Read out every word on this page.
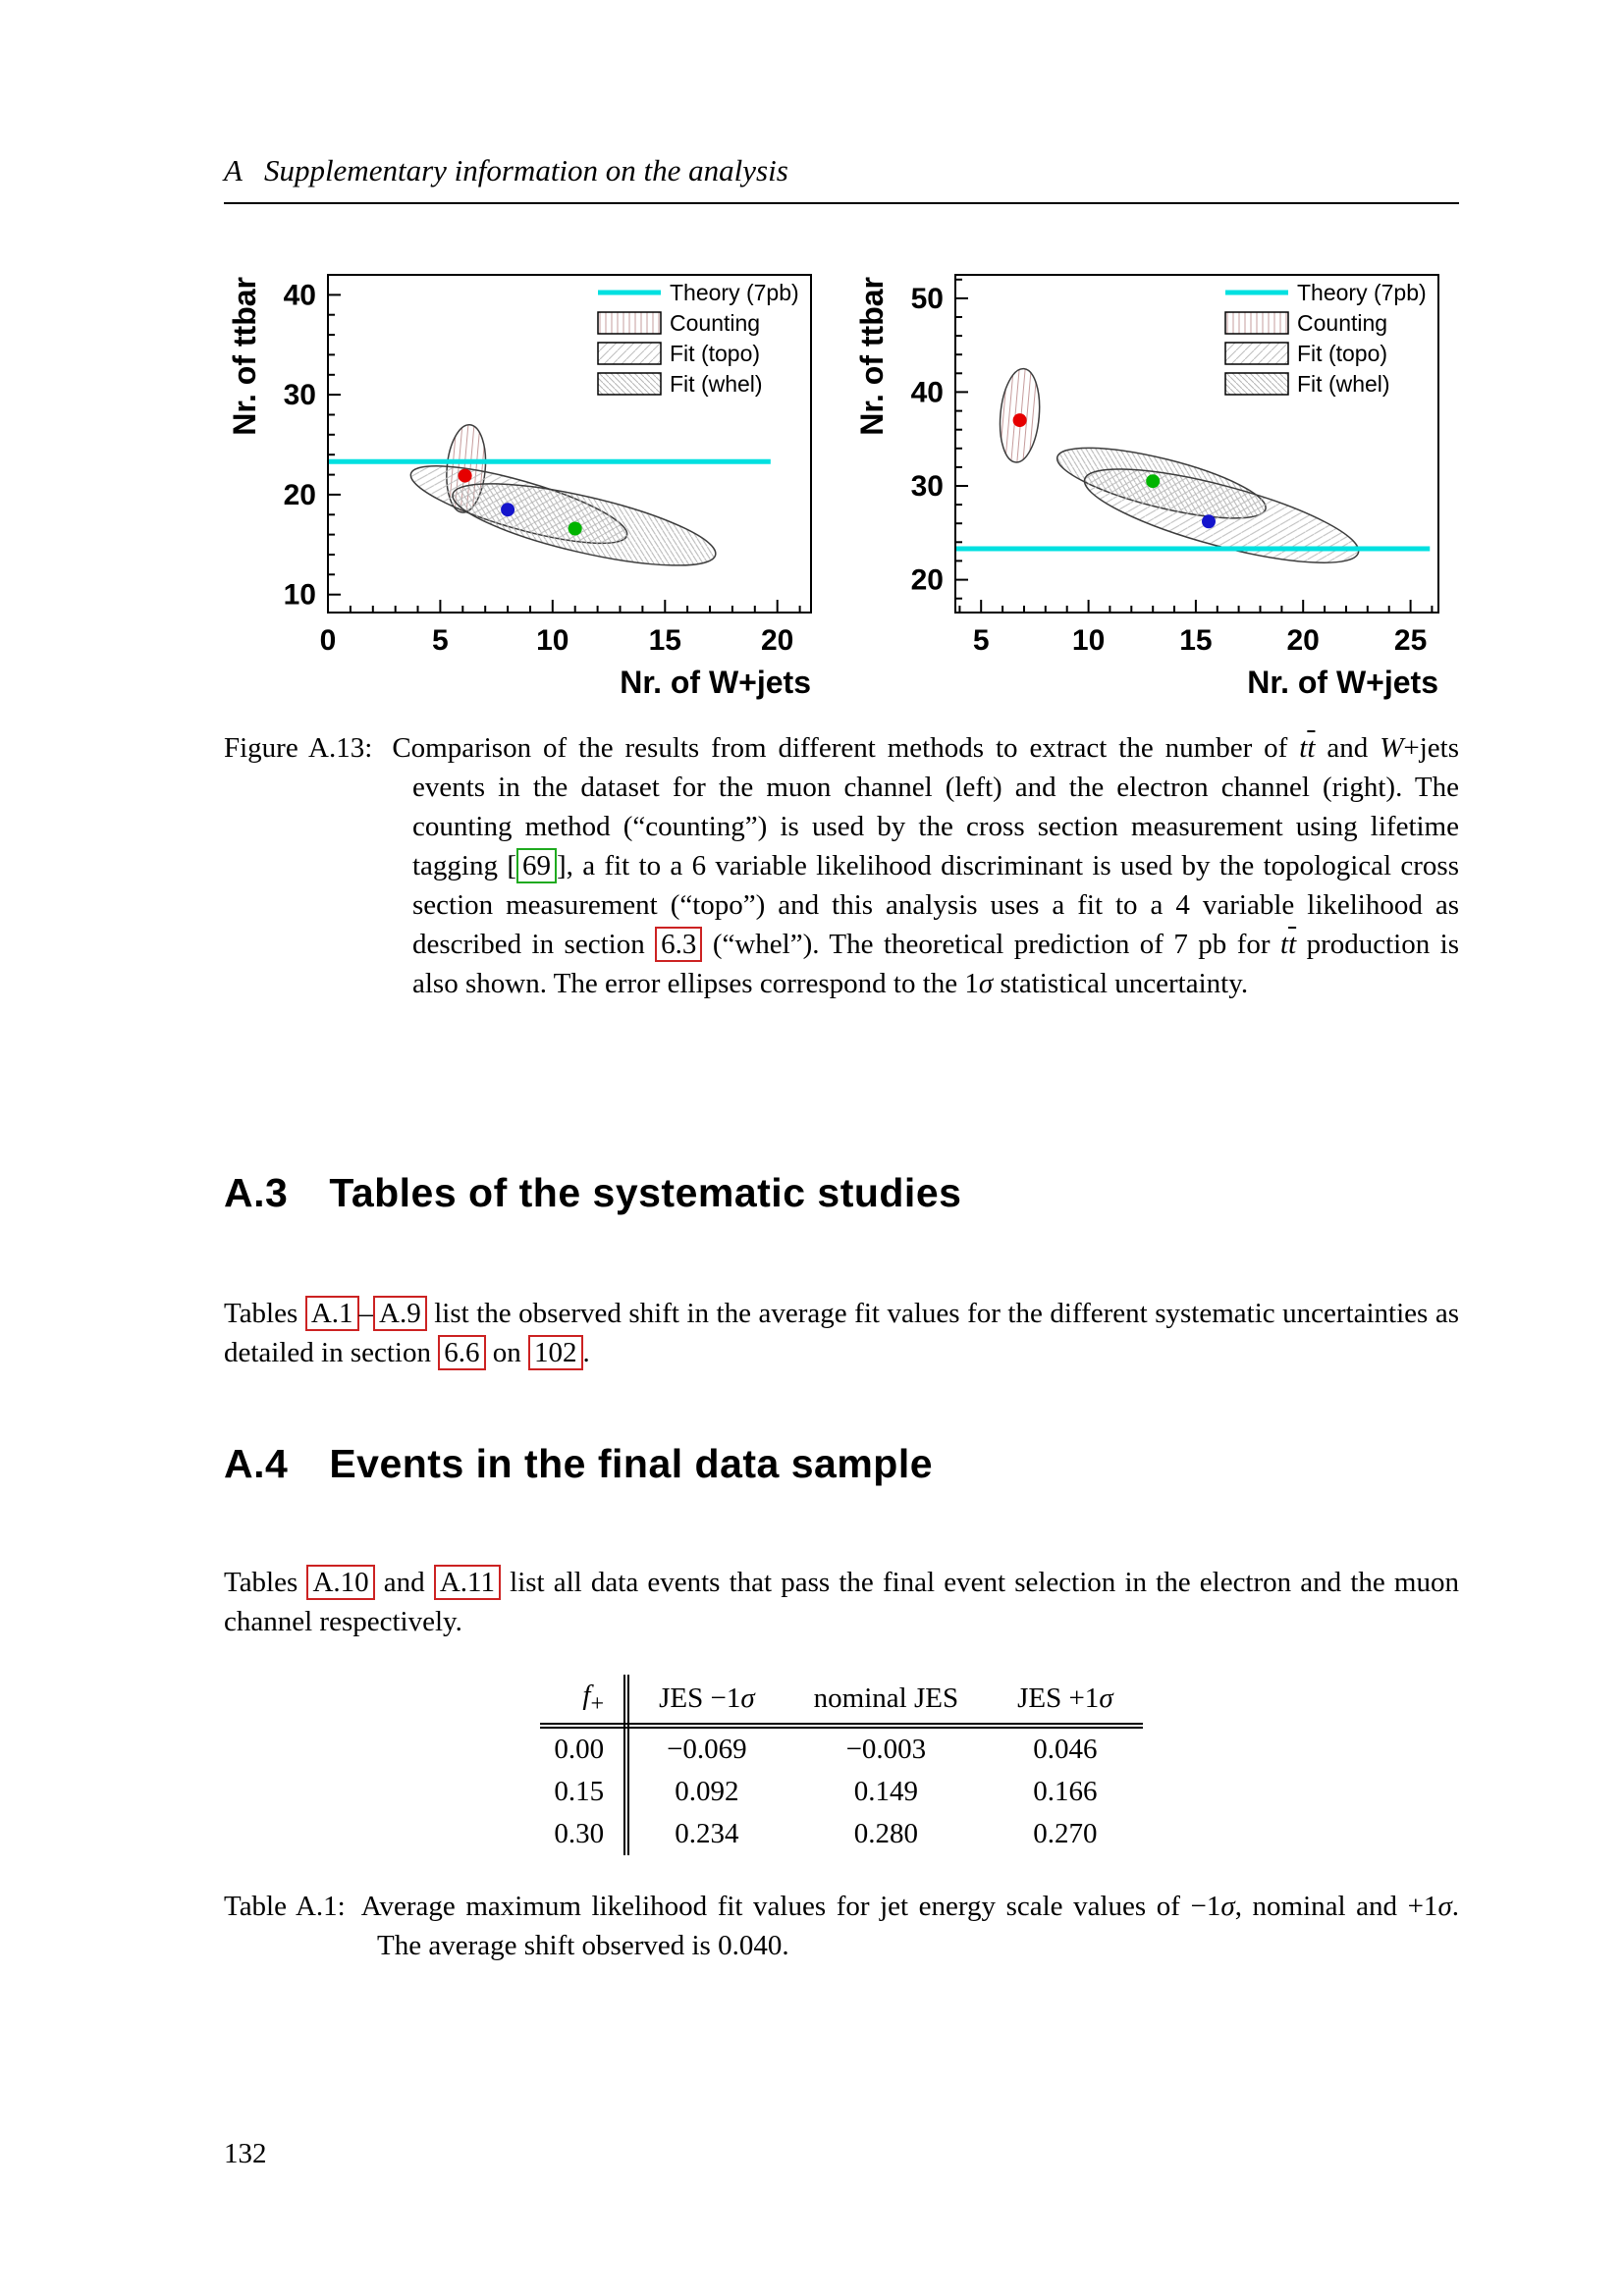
A Supplementary information on the analysis
0	5	10	15	20
10
20
30
40
Nr. of W+jets
Nr. of ttbar	Theory (7pb)
Counting
Fit (topo)
Fit (whel)
5	10	15	20	25
20
30
40
50
Nr. of W+jets
Nr. of ttbar	Theory (7pb)
Counting
Fit (topo)
Fit (whel)

Figure A.13: Comparison of the results from different methods to extract the number of $t\overline{t}$ and W+jets events in the dataset for the muon channel (left) and the electron channel (right). The counting method (“counting”) is used by the cross section measurement using lifetime tagging [ 69 ], a fit to a 6 variable likelihood discriminant is used by the topological cross section measurement (“topo”) and this analysis uses a fit to a 4 variable likelihood as described in section 6.3 (“whel”). The theoretical prediction of 7 pb for $t\overline{t}$ production is also shown. The error ellipses correspond to the 1σ statistical uncertainty.

A.3 Tables of the systematic studies

Tables A.1 – A.9 list the observed shift in the average fit values for the different systematic uncertainties as detailed in section 6.6 on 102 .

A.4 Events in the final data sample

Tables A.10 and A.11 list all data events that pass the final event selection in the electron and the muon channel respectively.

$f_+$	JES −1σ	nominal JES	JES +1σ
0.00	−0.069	−0.003	0.046
0.15	0.092	0.149	0.166
0.30	0.234	0.280	0.270

Table A.1: Average maximum likelihood fit values for jet energy scale values of −1σ, nominal and +1σ. The average shift observed is 0.040.

132
